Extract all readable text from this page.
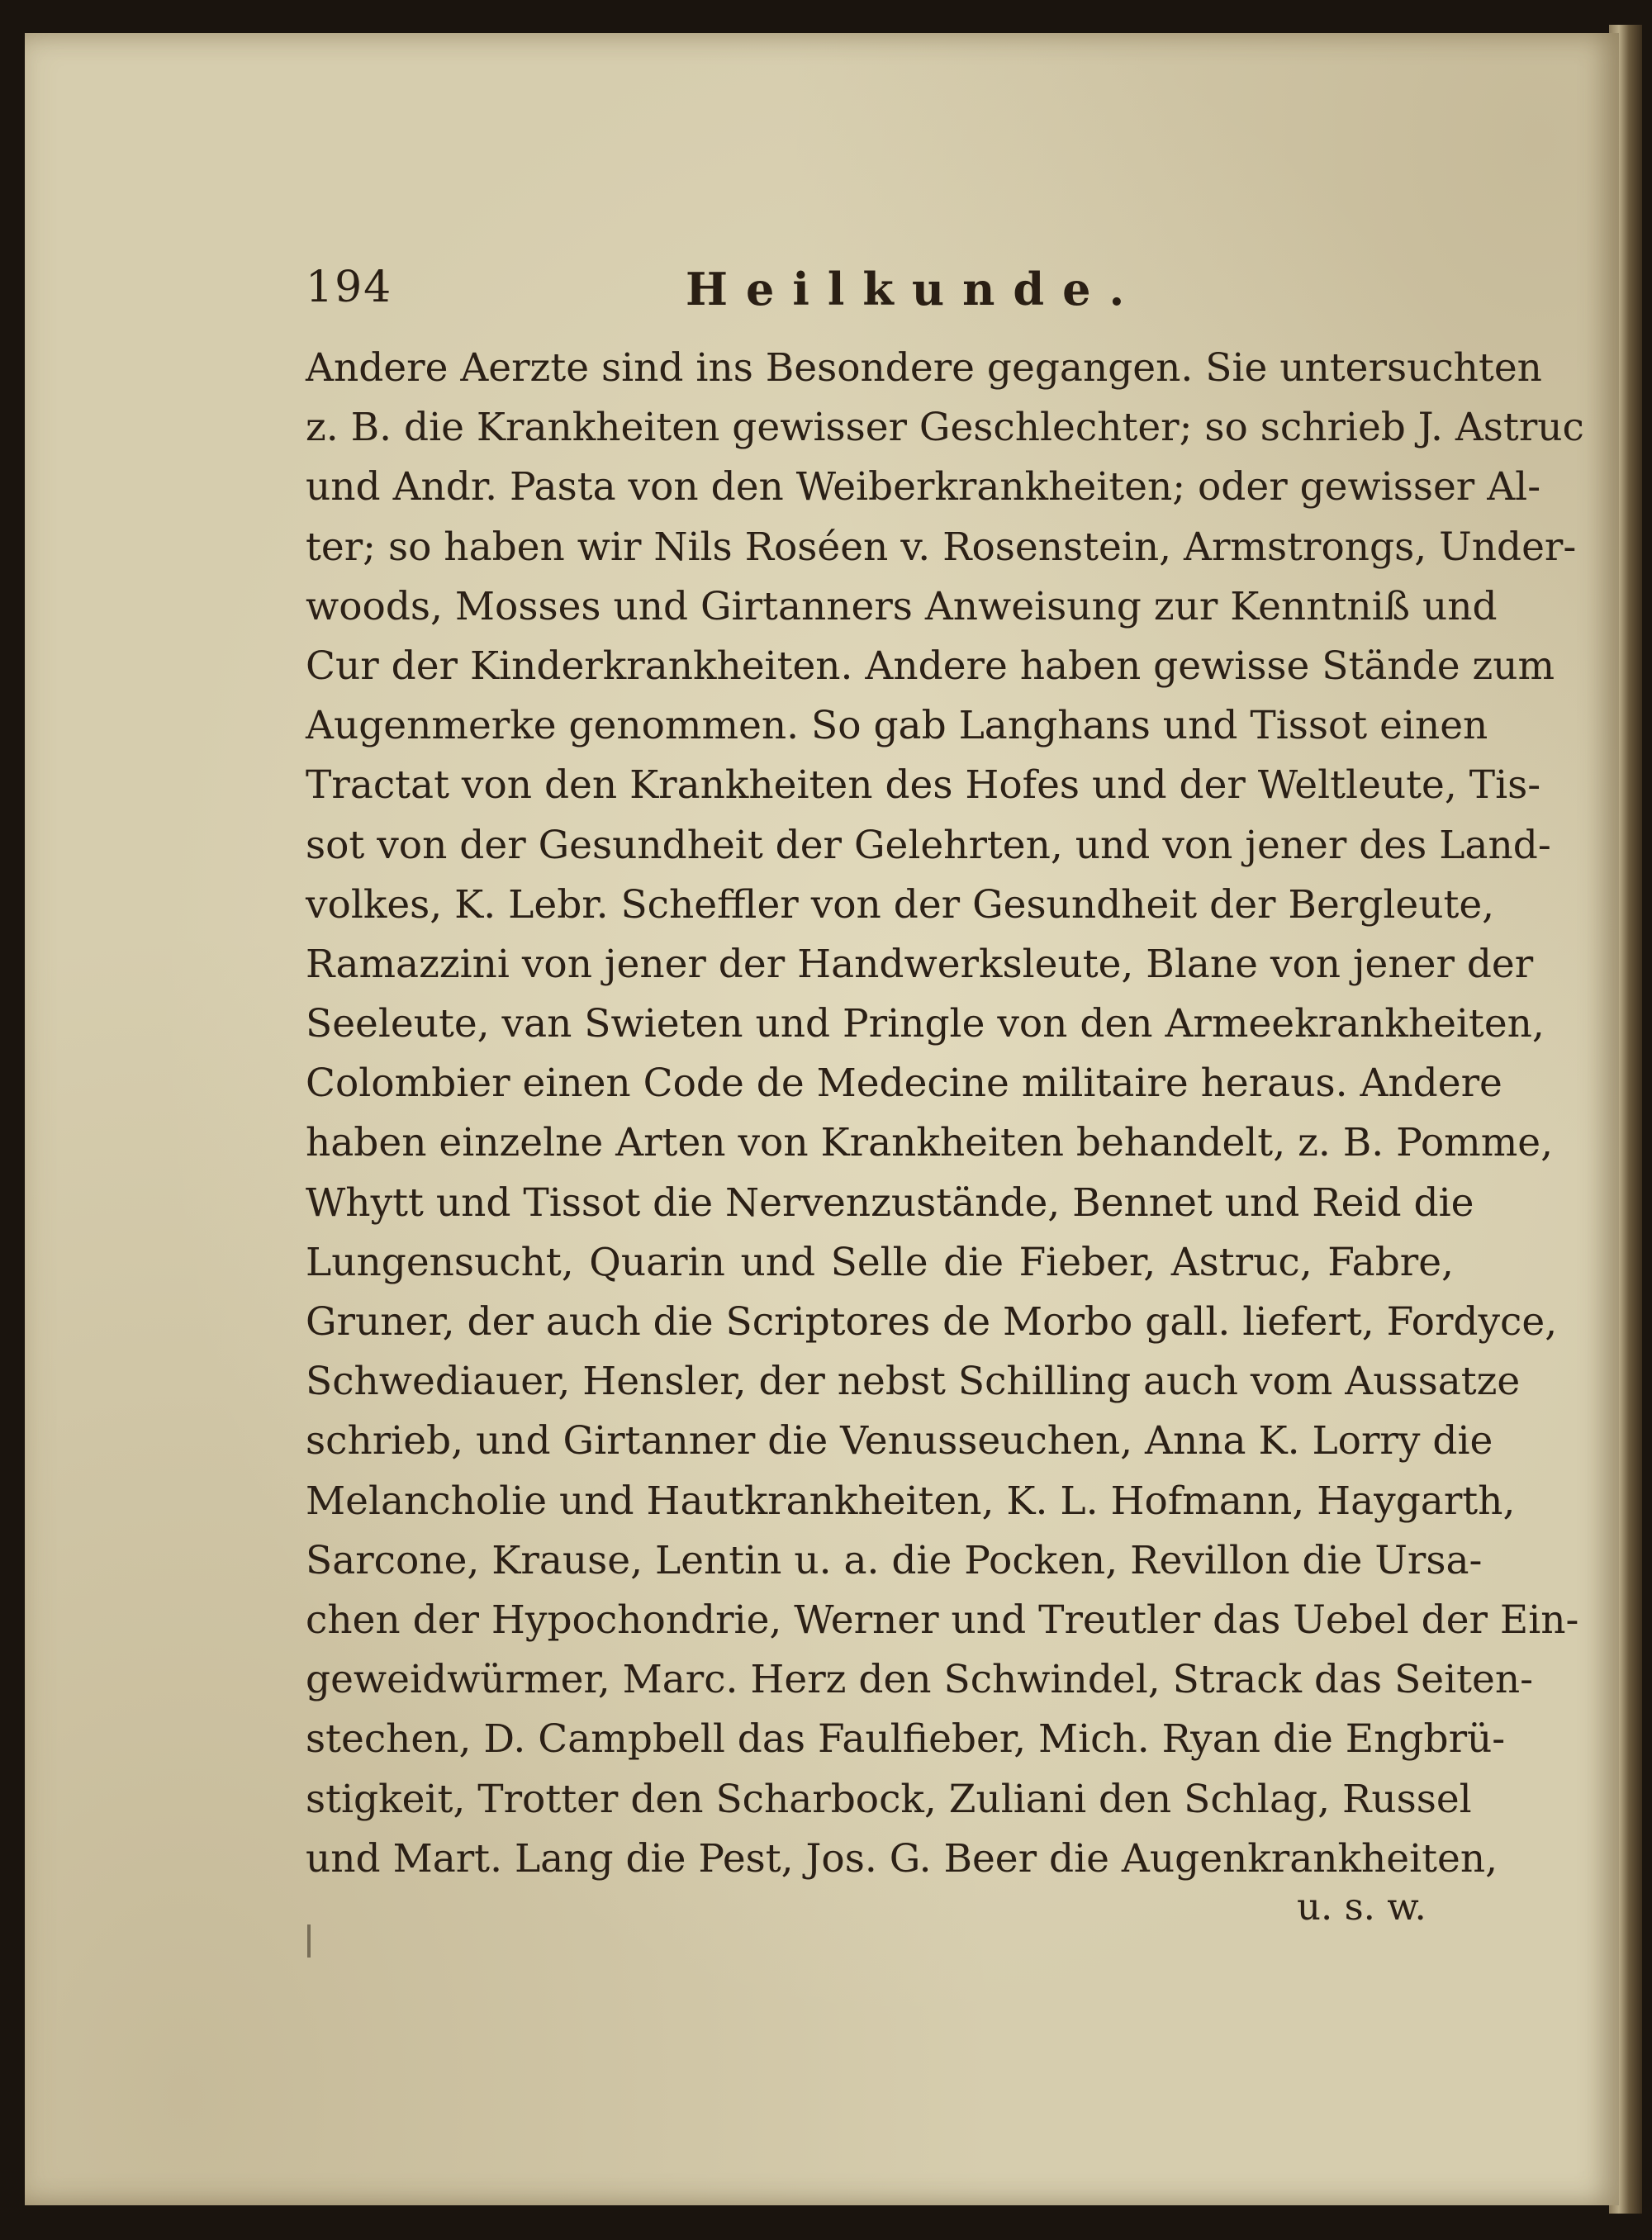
194	Heilkunde.
Andere Aerzte sind ins Besondere gegangen. Sie untersuchten
z. B. die Krankheiten gewisser Geschlechter; so schrieb J. Astruc
und Andr. Pasta von den Weiberkrankheiten; oder gewisser Al-
ter; so haben wir Nils Roséen v. Rosenstein, Armstrongs, Under-
woods, Mosses und Girtanners Anweisung zur Kenntniß und
Cur der Kinderkrankheiten. Andere haben gewisse Stände zum
Augenmerke genommen. So gab Langhans und Tissot einen
Tractat von den Krankheiten des Hofes und der Weltleute, Tis-
sot von der Gesundheit der Gelehrten, und von jener des Land-
volkes, K. Lebr. Scheffler von der Gesundheit der Bergleute,
Ramazzini von jener der Handwerksleute, Blane von jener der
Seeleute, van Swieten und Pringle von den Armeekrankheiten,
Colombier einen Code de Medecine militaire heraus. Andere
haben einzelne Arten von Krankheiten behandelt, z. B. Pomme,
Whytt und Tissot die Nervenzustände, Bennet und Reid die
Lungensucht, Quarin und Selle die Fieber, Astruc, Fabre,
Gruner, der auch die Scriptores de Morbo gall. liefert, Fordyce,
Schwediauer, Hensler, der nebst Schilling auch vom Aussatze
schrieb, und Girtanner die Venusseuchen, Anna K. Lorry die
Melancholie und Hautkrankheiten, K. L. Hofmann, Haygarth,
Sarcone, Krause, Lentin u. a. die Pocken, Revillon die Ursa-
chen der Hypochondrie, Werner und Treutler das Uebel der Ein-
geweidwürmer, Marc. Herz den Schwindel, Strack das Seiten-
stechen, D. Campbell das Faulfieber, Mich. Ryan die Engbrü-
stigkeit, Trotter den Scharbock, Zuliani den Schlag, Russel
und Mart. Lang die Pest, Jos. G. Beer die Augenkrankheiten,
u. s. w.
